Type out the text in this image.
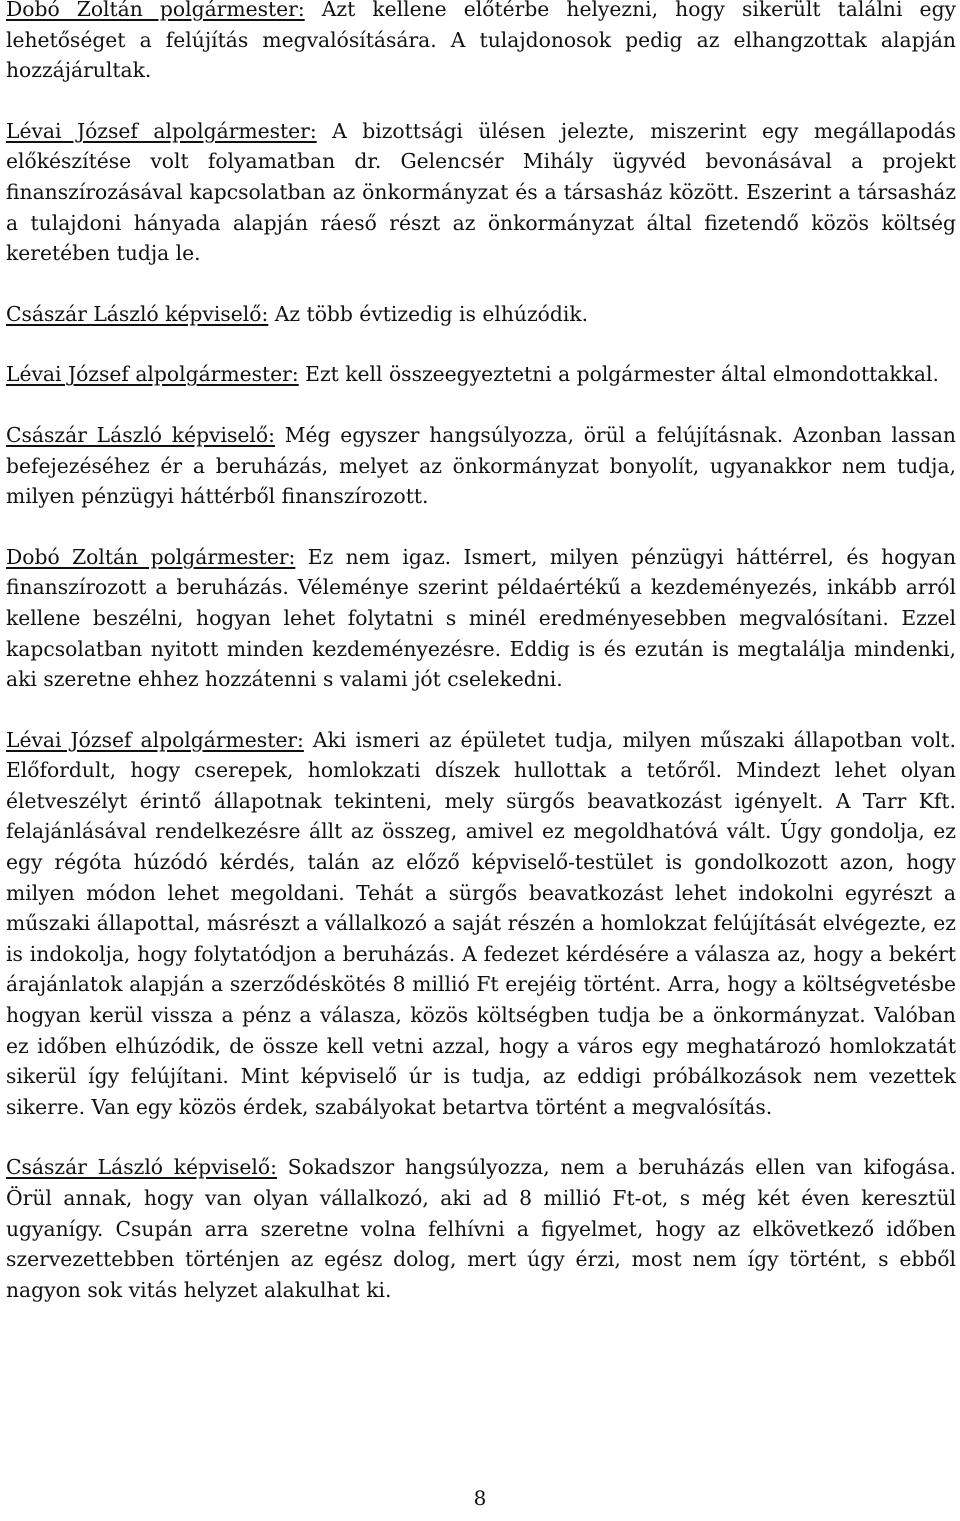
Dobó Zoltán polgármester: Azt kellene előtérbe helyezni, hogy sikerült találni egy lehetőséget a felújítás megvalósítására. A tulajdonosok pedig az elhangzottak alapján hozzájárultak.

Lévai József alpolgármester: A bizottsági ülésen jelezte, miszerint egy megállapodás előkészítése volt folyamatban dr. Gelencsér Mihály ügyvéd bevonásával a projekt finanszírozásával kapcsolatban az önkormányzat és a társasház között. Eszerint a társasház a tulajdoni hányada alapján ráeső részt az önkormányzat által fizetendő közös költség keretében tudja le.

Császár László képviselő: Az több évtizedig is elhúzódik.

Lévai József alpolgármester: Ezt kell összeegyeztetni a polgármester által elmondottakkal.

Császár László képviselő: Még egyszer hangsúlyozza, örül a felújításnak. Azonban lassan befejezéséhez ér a beruházás, melyet az önkormányzat bonyolít, ugyanakkor nem tudja, milyen pénzügyi háttérből finanszírozott.

Dobó Zoltán polgármester: Ez nem igaz. Ismert, milyen pénzügyi háttérrel, és hogyan finanszírozott a beruházás. Véleménye szerint példaértékű a kezdeményezés, inkább arról kellene beszélni, hogyan lehet folytatni s minél eredményesebben megvalósítani. Ezzel kapcsolatban nyitott minden kezdeményezésre. Eddig is és ezután is megtalálja mindenki, aki szeretne ehhez hozzátenni s valami jót cselekedni.

Lévai József alpolgármester: Aki ismeri az épületet tudja, milyen műszaki állapotban volt. Előfordult, hogy cserepek, homlokzati díszek hullottak a tetőről. Mindezt lehet olyan életveszélyt érintő állapotnak tekinteni, mely sürgős beavatkozást igényelt. A Tarr Kft. felajánlásával rendelkezésre állt az összeg, amivel ez megoldhatóvá vált. Úgy gondolja, ez egy régóta húzódó kérdés, talán az előző képviselő-testület is gondolkozott azon, hogy milyen módon lehet megoldani. Tehát a sürgős beavatkozást lehet indokolni egyrészt a műszaki állapottal, másrészt a vállalkozó a saját részén a homlokzat felújítását elvégezte, ez is indokolja, hogy folytatódjon a beruházás. A fedezet kérdésére a válasza az, hogy a bekért árajánlatok alapján a szerződéskötés 8 millió Ft erejéig történt. Arra, hogy a költségvetésbe hogyan kerül vissza a pénz a válasza, közös költségben tudja be a önkormányzat. Valóban ez időben elhúzódik, de össze kell vetni azzal, hogy a város egy meghatározó homlokzatát sikerül így felújítani. Mint képviselő úr is tudja, az eddigi próbálkozások nem vezettek sikerre. Van egy közös érdek, szabályokat betartva történt a megvalósítás.

Császár László képviselő: Sokadszor hangsúlyozza, nem a beruházás ellen van kifogása. Örül annak, hogy van olyan vállalkozó, aki ad 8 millió Ft-ot, s még két éven keresztül ugyanígy. Csupán arra szeretne volna felhívni a figyelmet, hogy az elkövetkező időben szervezettebben történjen az egész dolog, mert úgy érzi, most nem így történt, s ebből nagyon sok vitás helyzet alakulhat ki.

8
